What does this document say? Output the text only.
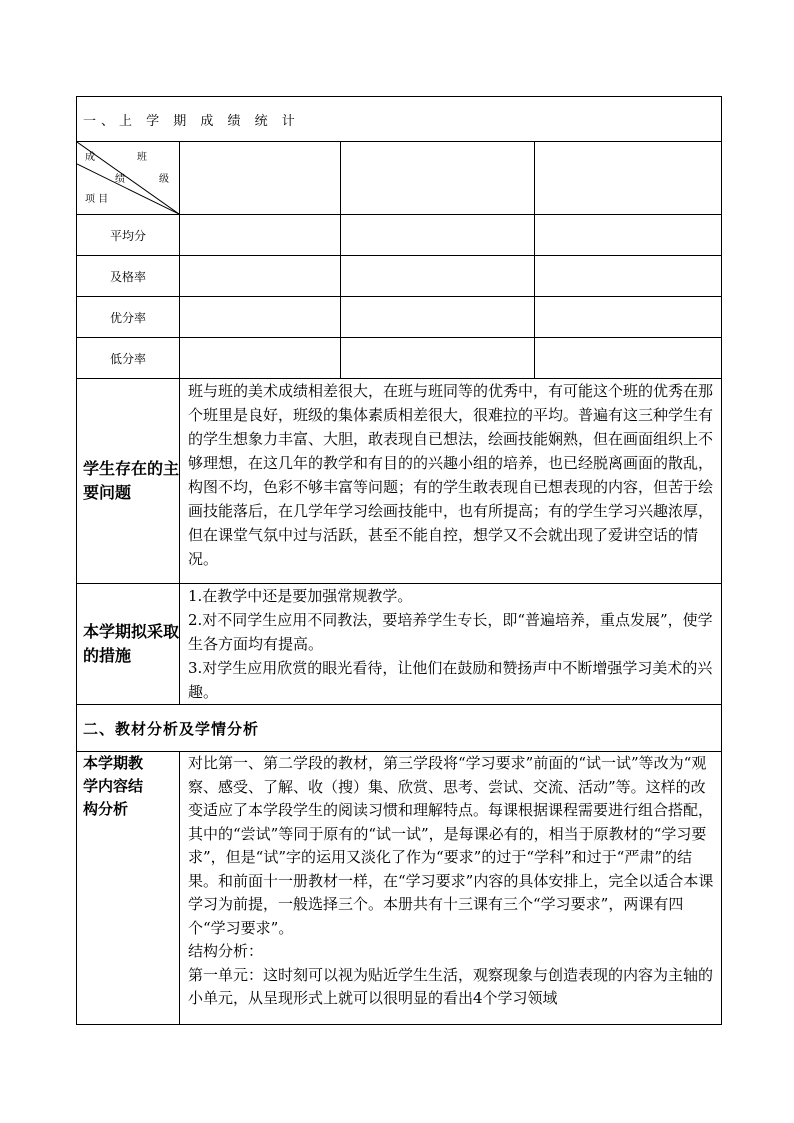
一、上 学 期 成 绩 统 计			

成 班
绩 级
项 目			

平均分			
及格率			
优分率			
低分率			
学生存在的主要问题	班与班的美术成绩相差很大，在班与班同等的优秀中，有可能这个班的优秀在那个班里是良好，班级的集体素质相差很大，很难拉的平均。普遍有这三种学生有的学生想象力丰富、大胆，敢表现自已想法，绘画技能娴熟，但在画面组织上不够理想，在这几年的教学和有目的的兴趣小组的培养，也已经脱离画面的散乱，构图不均，色彩不够丰富等问题；有的学生敢表现自已想表现的内容，但苦于绘画技能落后，在几学年学习绘画技能中，也有所提高；有的学生学习兴趣浓厚，但在课堂气氛中过与活跃，甚至不能自控，想学又不会就出现了爱讲空话的情况。		

本学期拟采取的措施	1.在教学中还是要加强常规教学。

2.对不同学生应用不同教法，要培养学生专长，即“普遍培养，重点发展”，使学生各方面均有提高。

3.对学生应用欣赏的眼光看待，让他们在鼓励和赞扬声中不断增强学习美术的兴趣。		

二、教材分析及学情分析			

本学期教学内容结构分析	对比第一、第二学段的教材，第三学段将“学习要求”前面的“试一试”等改为“观察、感受、了解、收（搜）集、欣赏、思考、尝试、交流、活动”等。这样的改变适应了本学段学生的阅读习惯和理解特点。每课根据课程需要进行组合搭配，其中的“尝试”等同于原有的“试一试”，是每课必有的，相当于原教材的“学习要求”，但是“试”字的运用又淡化了作为“要求”的过于“学科”和过于“严肃”的结果。和前面十一册教材一样，在“学习要求”内容的具体安排上，完全以适合本课学习为前提，一般选择三个。本册共有十三课有三个“学习要求”，两课有四个“学习要求”。

结构分析：

第一单元：这时刻可以视为贴近学生生活，观察现象与创造表现的内容为主轴的小单元，从呈现形式上就可以很明显的看出4个学习领域		
